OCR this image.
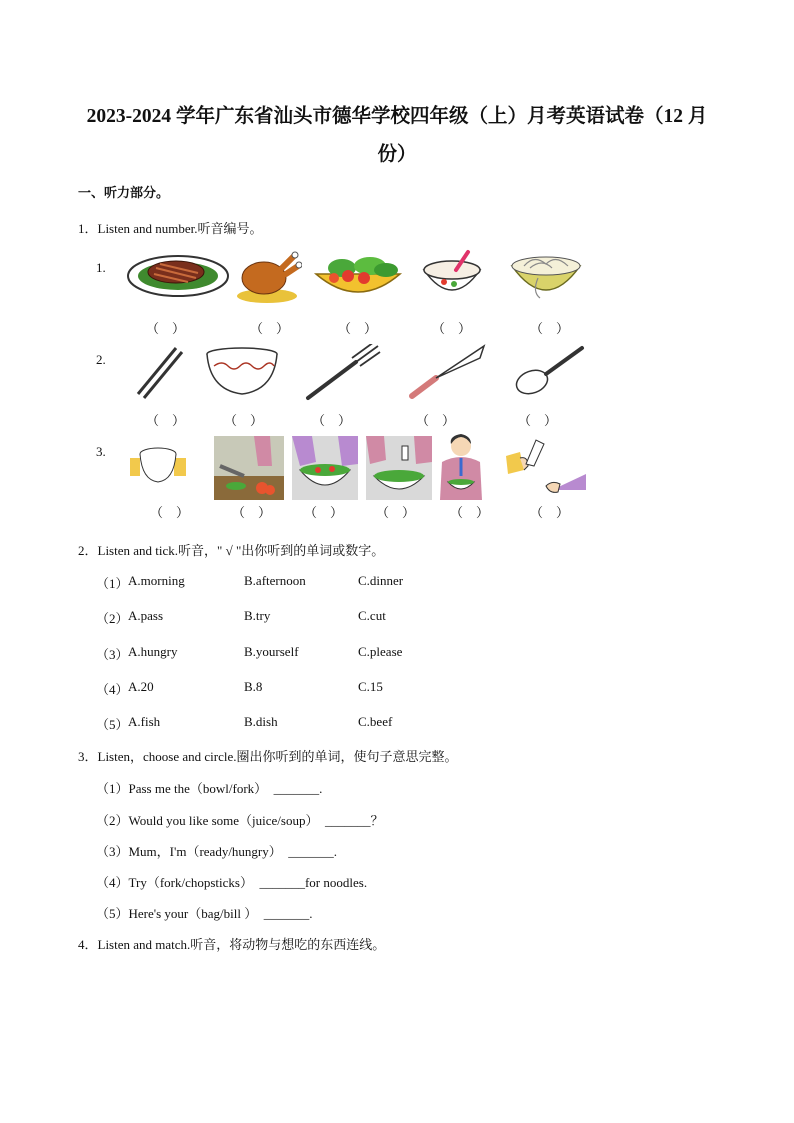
2023-2024 学年广东省汕头市德华学校四年级（上）月考英语试卷（12 月
份）
一、听力部分。
1．Listen and number.听音编号。
1.
（    ）	（    ）	（    ）	（    ）	（    ）
2.
（    ）	（    ）	（    ）	（    ）	（    ）
3.
（    ）	（    ）	（    ）	（    ）	（    ）	（    ）
2．Listen and tick.听音，" √ "出你听到的单词或数字。
（1） A.morning	B.afternoon	C.dinner
（2） A.pass	B.try	C.cut
（3） A.hungry	B.yourself	C.please
（4） A.20	B.8	C.15
（5） A.fish	B.dish	C.beef
3．Listen，choose and circle.圈出你听到的单词，使句子意思完整。
（1）Pass me the（bowl/fork）  _______.
（2）Would you like some（juice/soup）  _______？
（3）Mum，I'm（ready/hungry）  _______.
（4）Try（fork/chopsticks）  _______for noodles.
（5）Here's your（bag/bill ）  _______.
4．Listen and match.听音，将动物与想吃的东西连线。
